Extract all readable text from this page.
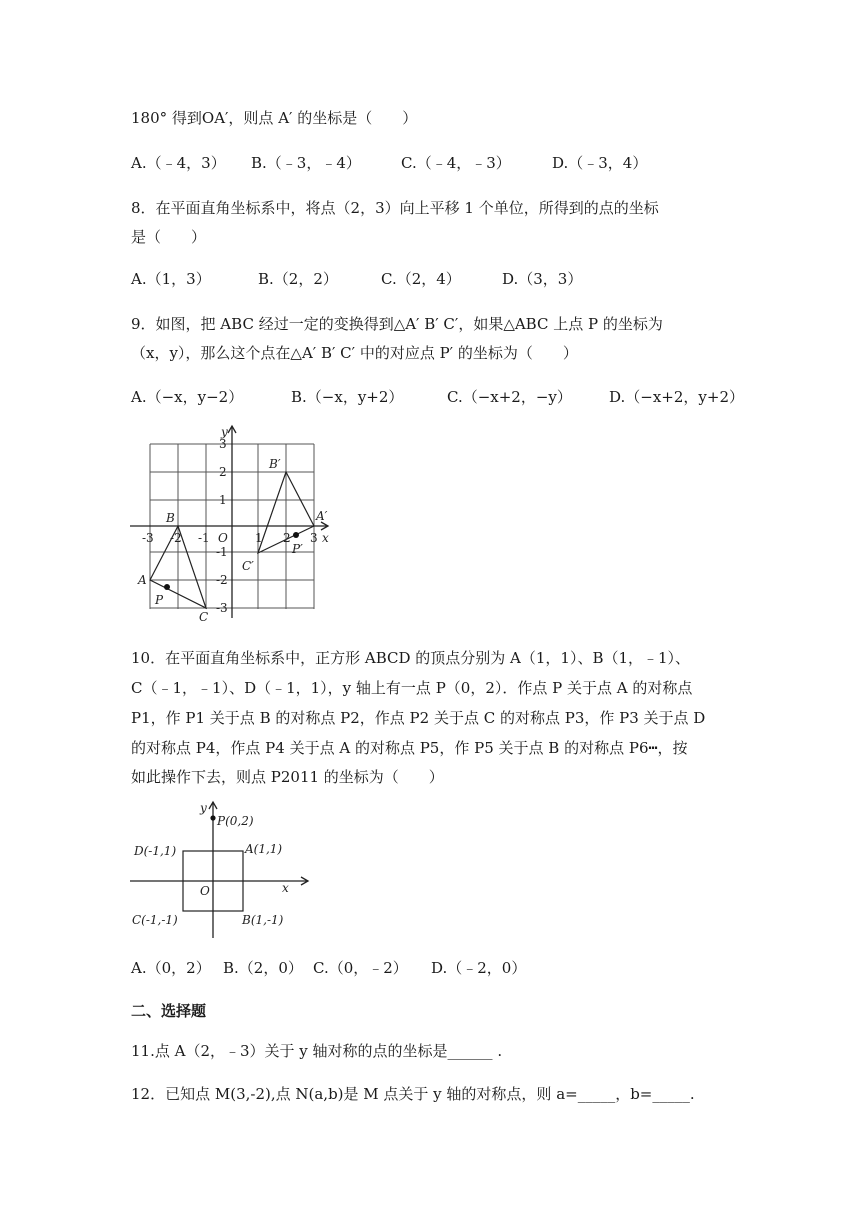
180° 得到OA′，则点 A′ 的坐标是（　　）
A.（﹣4，3） B.（﹣3，﹣4）	C.（﹣4，﹣3）	D.（﹣3，4）
8．在平面直角坐标系中，将点（2，3）向上平移 1 个单位，所得到的点的坐标
是（　　）
A.（1，3）	B.（2，2）	C.（2，4）	D.（3，3）
9．如图，把 ABC 经过一定的变换得到△A′ B′ C′，如果△ABC 上点 P 的坐标为
（x，y），那么这个点在△A′ B′ C′ 中的对应点 P′ 的坐标为（　　）
A.（−x，y−2）	B.（−x，y+2）	C.（−x+2，−y） D.（−x+2，y+2）
-3 -2 -1 O 1 2 3 x
3
2
1
-1
-2
-3
y
A
B
C
P
A′
B′
C′
P′
10．在平面直角坐标系中，正方形 ABCD 的顶点分别为 A（1，1）、B（1，﹣1）、
C（﹣1，﹣1）、D（﹣1，1），y 轴上有一点 P（0，2）．作点 P 关于点 A 的对称点
P1，作 P1 关于点 B 的对称点 P2，作点 P2 关于点 C 的对称点 P3，作 P3 关于点 D
的对称点 P4，作点 P4 关于点 A 的对称点 P5，作 P5 关于点 B 的对称点 P6┅，按
如此操作下去，则点 P2011 的坐标为（　　）
P(0,2)
D(-1,1)	A(1,1)
C(-1,-1)	B(1,-1)
O	x
y
A.（0，2） B.（2，0） C.（0，﹣2） D.（﹣2，0）
二、选择题
11.点 A（2，﹣3）关于 y 轴对称的点的坐标是______ .
12．已知点 M(3,-2),点 N(a,b)是 M 点关于 y 轴的对称点，则 a=_____，b=_____.
